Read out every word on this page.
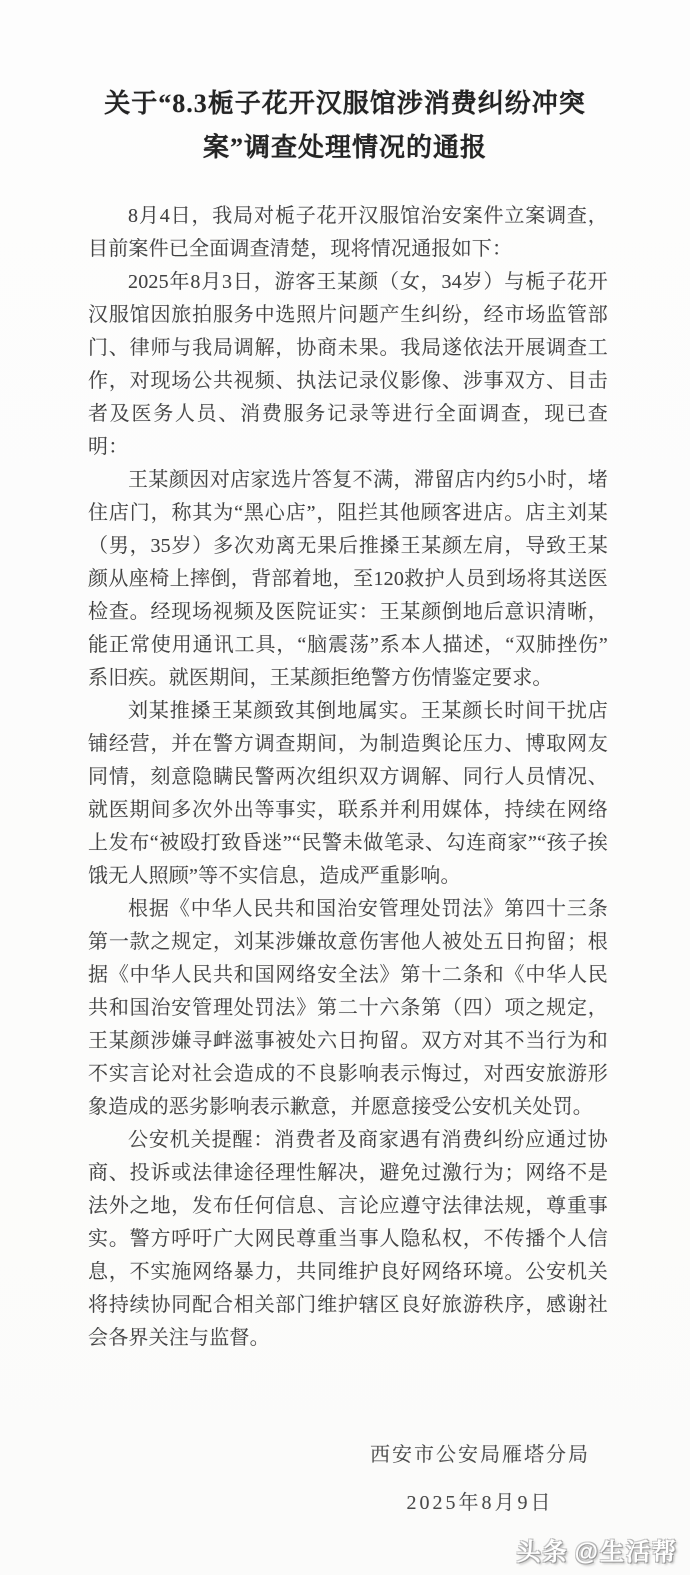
关于“8.3栀子花开汉服馆涉消费纠纷冲突
案”调查处理情况的通报

8月4日，我局对栀子花开汉服馆治安案件立案调查，目前案件已全面调查清楚，现将情况通报如下：

2025年8月3日，游客王某颜（女，34岁）与栀子花开汉服馆因旅拍服务中选照片问题产生纠纷，经市场监管部门、律师与我局调解，协商未果。我局遂依法开展调查工作，对现场公共视频、执法记录仪影像、涉事双方、目击者及医务人员、消费服务记录等进行全面调查，现已查明：

王某颜因对店家选片答复不满，滞留店内约5小时，堵住店门，称其为“黑心店”，阻拦其他顾客进店。店主刘某（男，35岁）多次劝离无果后推搡王某颜左肩，导致王某颜从座椅上摔倒，背部着地，至120救护人员到场将其送医检查。经现场视频及医院证实：王某颜倒地后意识清晰，能正常使用通讯工具，“脑震荡”系本人描述，“双肺挫伤”系旧疾。就医期间，王某颜拒绝警方伤情鉴定要求。

刘某推搡王某颜致其倒地属实。王某颜长时间干扰店铺经营，并在警方调查期间，为制造舆论压力、博取网友同情，刻意隐瞒民警两次组织双方调解、同行人员情况、就医期间多次外出等事实，联系并利用媒体，持续在网络上发布“被殴打致昏迷”“民警未做笔录、勾连商家”“孩子挨饿无人照顾”等不实信息，造成严重影响。

根据《中华人民共和国治安管理处罚法》第四十三条第一款之规定，刘某涉嫌故意伤害他人被处五日拘留；根据《中华人民共和国网络安全法》第十二条和《中华人民共和国治安管理处罚法》第二十六条第（四）项之规定，王某颜涉嫌寻衅滋事被处六日拘留。双方对其不当行为和不实言论对社会造成的不良影响表示悔过，对西安旅游形象造成的恶劣影响表示歉意，并愿意接受公安机关处罚。

公安机关提醒：消费者及商家遇有消费纠纷应通过协商、投诉或法律途径理性解决，避免过激行为；网络不是法外之地，发布任何信息、言论应遵守法律法规，尊重事实。警方呼吁广大网民尊重当事人隐私权，不传播个人信息，不实施网络暴力，共同维护良好网络环境。公安机关将持续协同配合相关部门维护辖区良好旅游秩序，感谢社会各界关注与监督。

西安市公安局雁塔分局
2025年8月9日
头条 @生活帮
